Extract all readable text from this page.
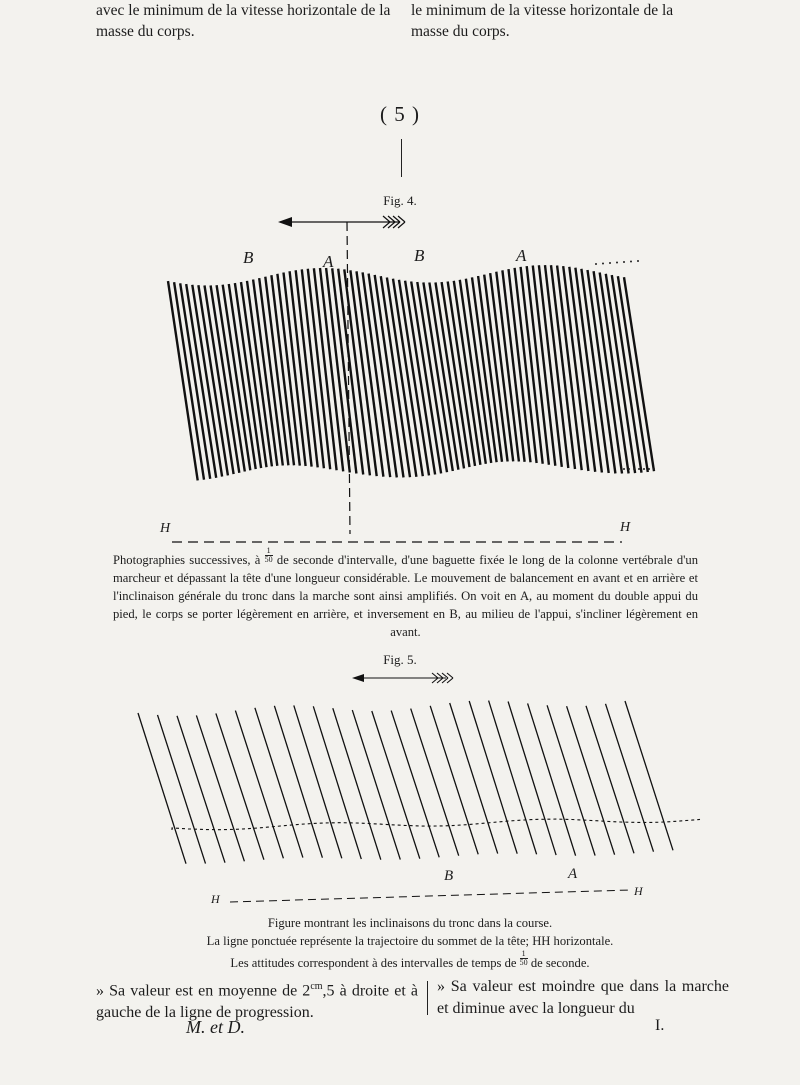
( 5 )
avec le minimum de la vitesse horizontale de la masse du corps.
le minimum de la vitesse horizontale de la masse du corps.
Fig. 4.
B	A	B	A
H	H

Photographies successives, à $\frac{1}{50}$ de seconde d'intervalle, d'une baguette fixée le long de la colonne vertébrale d'un marcheur et dépassant la tête d'une longueur considérable. Le mouvement de balancement en avant et en arrière et l'inclinaison générale du tronc dans la marche sont ainsi amplifiés. On voit en A, au moment du double appui du pied, le corps se porter légèrement en arrière, et inversement en B, au milieu de l'appui, s'incliner légèrement en avant.

Fig. 5.
B	A
H
H

Figure montrant les inclinaisons du tronc dans la course.

La ligne ponctuée représente la trajectoire du sommet de la tête; HH horizontale.

Les attitudes correspondent à des intervalles de temps de $\frac{1}{50}$ de seconde.

» Sa valeur est en moyenne de $2^{cm},5$ à droite et à gauche de la ligne de progression.
» Sa valeur est moindre que dans la marche et diminue avec la longueur du
M. et D.	I.
